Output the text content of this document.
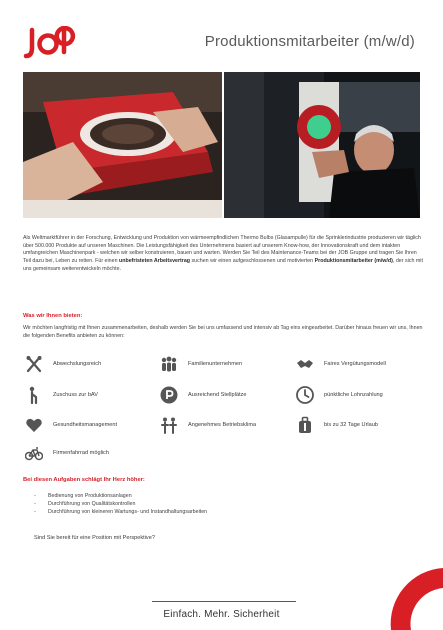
Produktionsmitarbeiter (m/w/d)
Als Weltmarktführer in der Forschung, Entwicklung und Produktion von wärmeempfindlichen Thermo Bulbs (Glasampulle) für die Sprinklerindustrie produzieren wir täglich über 500.000 Produkte auf unseren Maschinen. Die Leistungsfähigkeit des Unternehmens basiert auf unserem Know-how, der Innovationskraft und dem intakten umfangreichen Maschinenpark - welchen wir selber konstruieren, bauen und warten. Werden Sie Teil des Maintenance-Teams bei der JOB Gruppe und tragen Sie Ihren Teil dazu bei, Leben zu retten. Für einen unbefristeten Arbeitsvertrag suchen wir einen aufgeschlossenen und motivierten Produktionsmitarbeiter (m/w/d), der sich mit uns gemeinsam weiterentwickeln möchte.
Was wir Ihnen bieten:
Wir möchten langfristig mit Ihnen zusammenarbeiten, deshalb werden Sie bei uns umfassend und intensiv ab Tag eins eingearbeitet. Darüber hinaus freuen wir uns, Ihnen die folgenden Benefits anbieten zu können:
Abwechslungsreich	Familienunternehmen	Faires Vergütungsmodell
Zuschuss zur bAV	Ausreichend Stellplätze	pünktliche Lohnzahlung
Gesundheitsmanagement	Angenehmes Betriebsklima	bis zu 32 Tage Urlaub
Firmenfahrrad möglich
Bei diesen Aufgaben schlägt Ihr Herz höher:
- Bedienung von Produktionsanlagen
- Durchführung von Qualitätskontrollen
- Durchführung von kleineren Wartungs- und Instandhaltungsarbeiten
Sind Sie bereit für eine Position mit Perspektive?
Einfach. Mehr. Sicherheit
